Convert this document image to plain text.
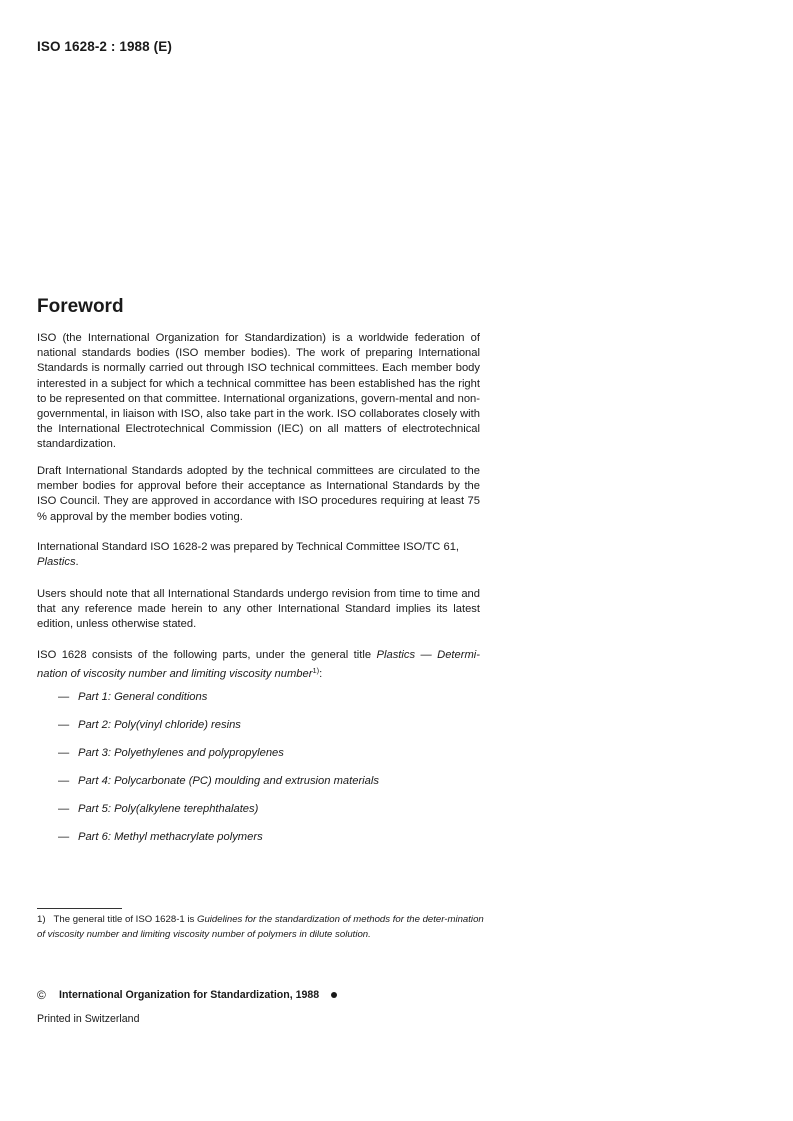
ISO 1628-2 : 1988 (E)
Foreword

ISO (the International Organization for Standardization) is a worldwide federation of national standards bodies (ISO member bodies). The work of preparing International Standards is normally carried out through ISO technical committees. Each member body interested in a subject for which a technical committee has been established has the right to be represented on that committee. International organizations, govern-mental and non-governmental, in liaison with ISO, also take part in the work. ISO collaborates closely with the International Electrotechnical Commission (IEC) on all matters of electrotechnical standardization.

Draft International Standards adopted by the technical committees are circulated to the member bodies for approval before their acceptance as International Standards by the ISO Council. They are approved in accordance with ISO procedures requiring at least 75 % approval by the member bodies voting.

International Standard ISO 1628-2 was prepared by Technical Committee ISO/TC 61,
Plastics.

Users should note that all International Standards undergo revision from time to time and that any reference made herein to any other International Standard implies its latest edition, unless otherwise stated.

ISO 1628 consists of the following parts, under the general title Plastics — Determi-nation of viscosity number and limiting viscosity number$^{1)}$:

— Part 1: General conditions
— Part 2: Poly(vinyl chloride) resins
— Part 3: Polyethylenes and polypropylenes
— Part 4: Polycarbonate (PC) moulding and extrusion materials
— Part 5: Poly(alkylene terephthalates)
— Part 6: Methyl methacrylate polymers

1) The general title of ISO 1628-1 is Guidelines for the standardization of methods for the deter-mination of viscosity number and limiting viscosity number of polymers in dilute solution.

©	International Organization for Standardization, 1988
Printed in Switzerland
